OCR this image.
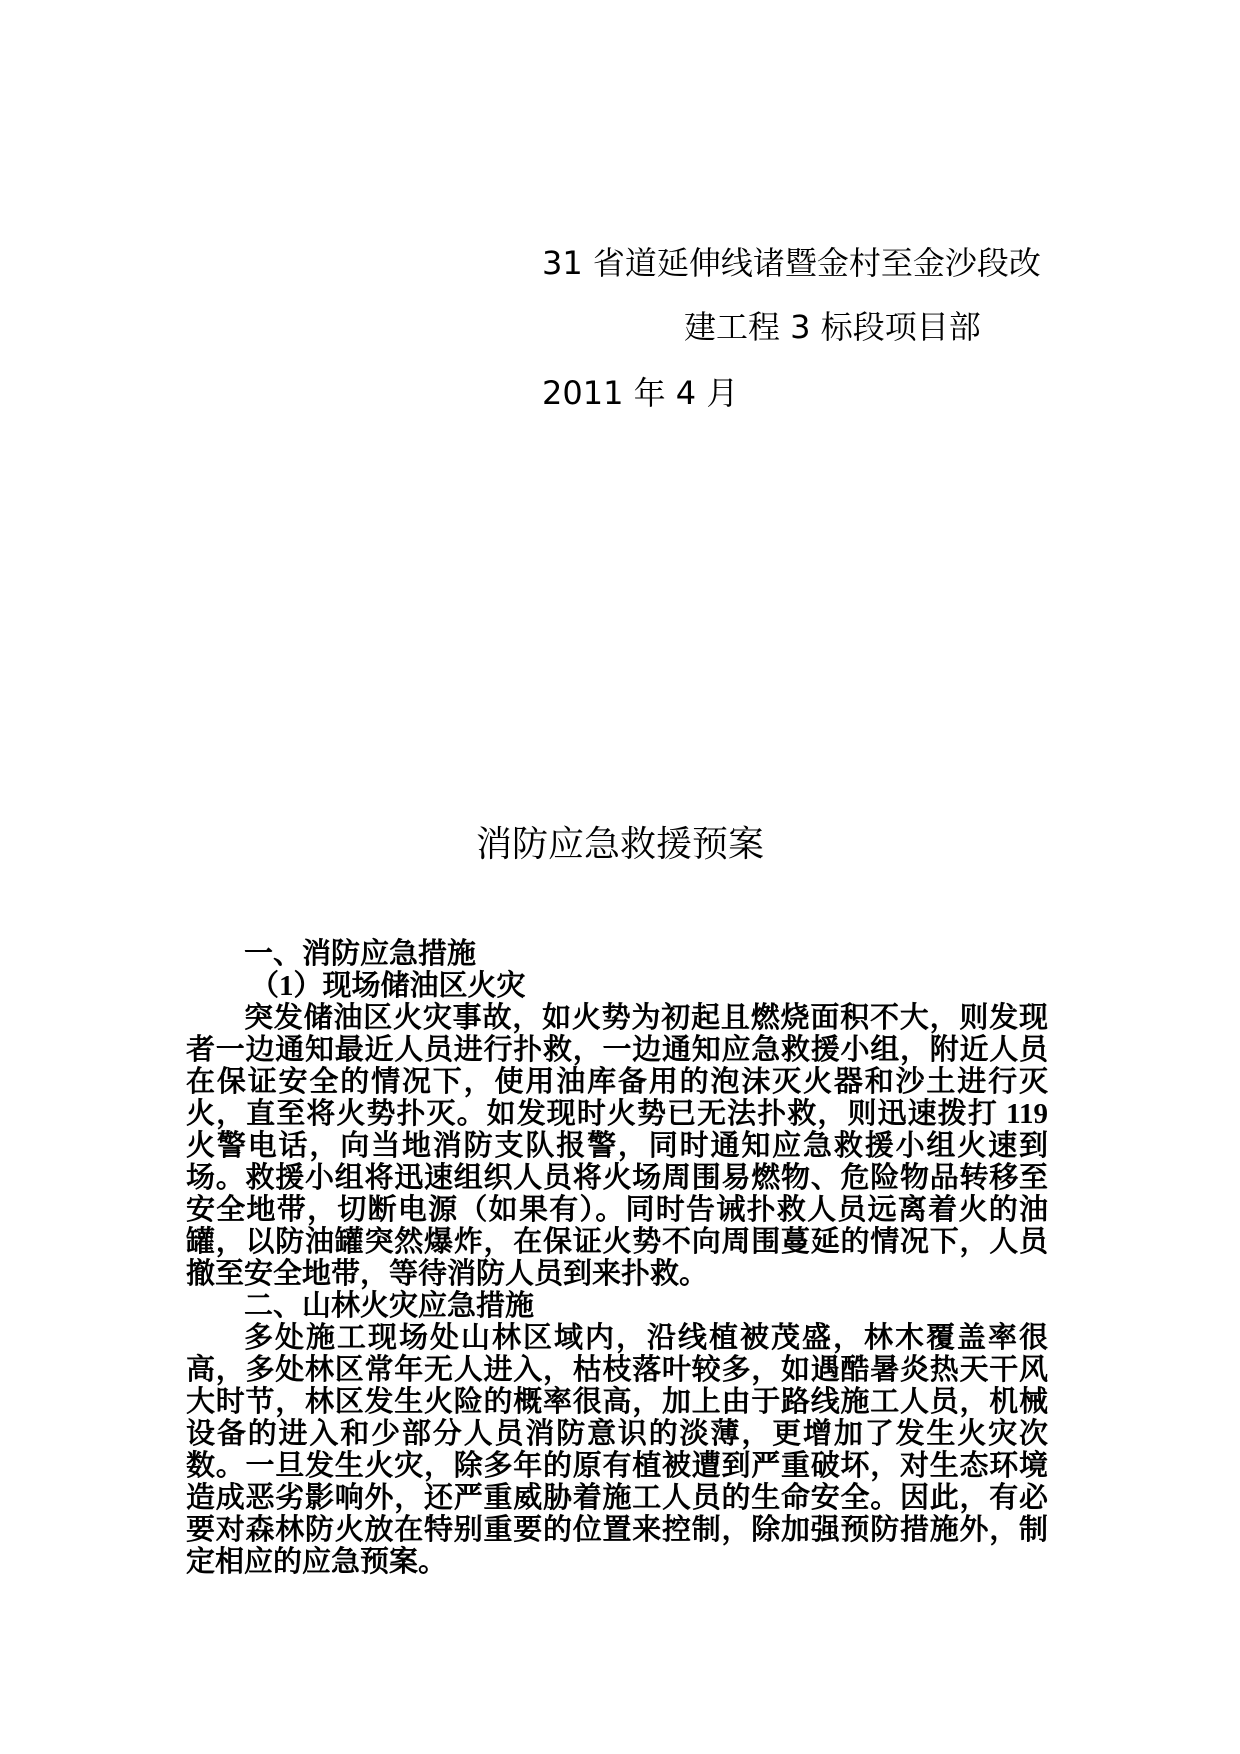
31 省道延伸线诸暨金村至金沙段改
建工程 3 标段项目部
2011 年 4 月
消防应急救援预案
一、消防应急措施
（1）现场储油区火灾

突发储油区火灾事故，如火势为初起且燃烧面积不大，则发现者一边通知最近人员进行扑救，一边通知应急救援小组，附近人员在保证安全的情况下，使用油库备用的泡沫灭火器和沙土进行灭火，直至将火势扑灭。如发现时火势已无法扑救，则迅速拨打 119 火警电话，向当地消防支队报警，同时通知应急救援小组火速到场。救援小组将迅速组织人员将火场周围易燃物、危险物品转移至安全地带，切断电源（如果有）。同时告诫扑救人员远离着火的油罐，以防油罐突然爆炸，在保证火势不向周围蔓延的情况下，人员撤至安全地带，等待消防人员到来扑救。

二、山林火灾应急措施

多处施工现场处山林区域内，沿线植被茂盛，林木覆盖率很高，多处林区常年无人进入，枯枝落叶较多，如遇酷暑炎热天干风大时节，林区发生火险的概率很高，加上由于路线施工人员，机械设备的进入和少部分人员消防意识的淡薄，更增加了发生火灾次数。一旦发生火灾，除多年的原有植被遭到严重破坏，对生态环境造成恶劣影响外，还严重威胁着施工人员的生命安全。因此，有必要对森林防火放在特别重要的位置来控制，除加强预防措施外，制定相应的应急预案。
